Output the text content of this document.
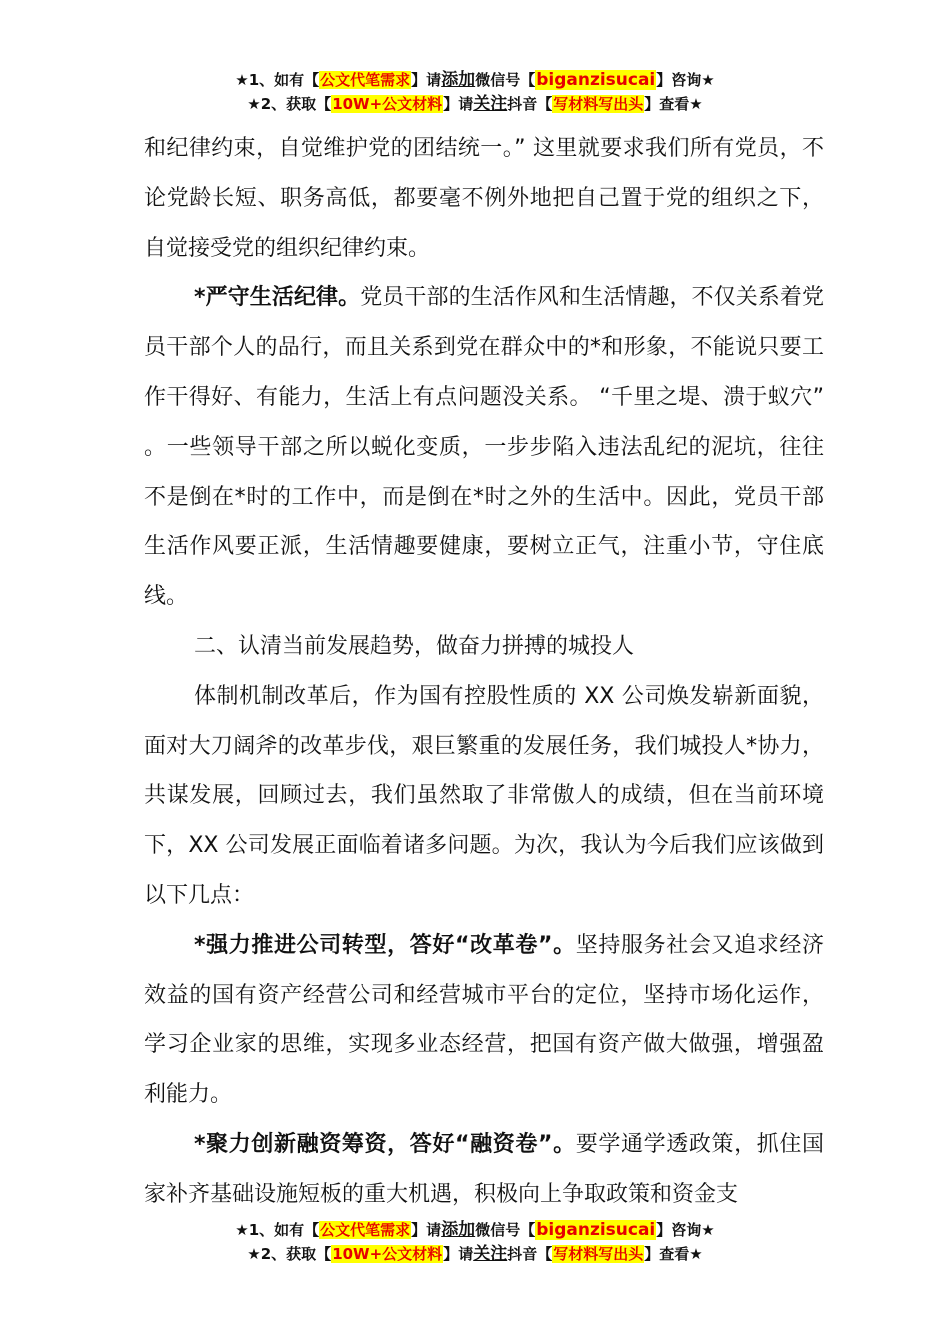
★1、如有【公文代笔需求】请添加微信号【biganzisucai】咨询★
★2、获取【10W+公文材料】请关注抖音【写材料写出头】查看★

和纪律约束，自觉维护党的团结统一。” 这里就要求我们所有党员，不论党龄长短、职务高低，都要毫不例外地把自己置于党的组织之下，自觉接受党的组织纪律约束。

*严守生活纪律。党员干部的生活作风和生活情趣，不仅关系着党员干部个人的品行，而且关系到党在群众中的*和形象，不能说只要工作干得好、有能力，生活上有点问题没关系。 “千里之堤、溃于蚁穴” 。一些领导干部之所以蜕化变质，一步步陷入违法乱纪的泥坑，往往不是倒在*时的工作中，而是倒在*时之外的生活中。因此，党员干部生活作风要正派，生活情趣要健康，要树立正气，注重小节，守住底线。

二、认清当前发展趋势，做奋力拼搏的城投人

体制机制改革后，作为国有控股性质的 XX 公司焕发崭新面貌，面对大刀阔斧的改革步伐，艰巨繁重的发展任务，我们城投人*协力，共谋发展，回顾过去，我们虽然取了非常傲人的成绩，但在当前环境下，XX 公司发展正面临着诸多问题。为次，我认为今后我们应该做到以下几点：

*强力推进公司转型，答好“改革卷”。坚持服务社会又追求经济效益的国有资产经营公司和经营城市平台的定位，坚持市场化运作，学习企业家的思维，实现多业态经营，把国有资产做大做强，增强盈利能力。

*聚力创新融资筹资，答好“融资卷”。要学通学透政策，抓住国家补齐基础设施短板的重大机遇，积极向上争取政策和资金支

★1、如有【公文代笔需求】请添加微信号【biganzisucai】咨询★
★2、获取【10W+公文材料】请关注抖音【写材料写出头】查看★
